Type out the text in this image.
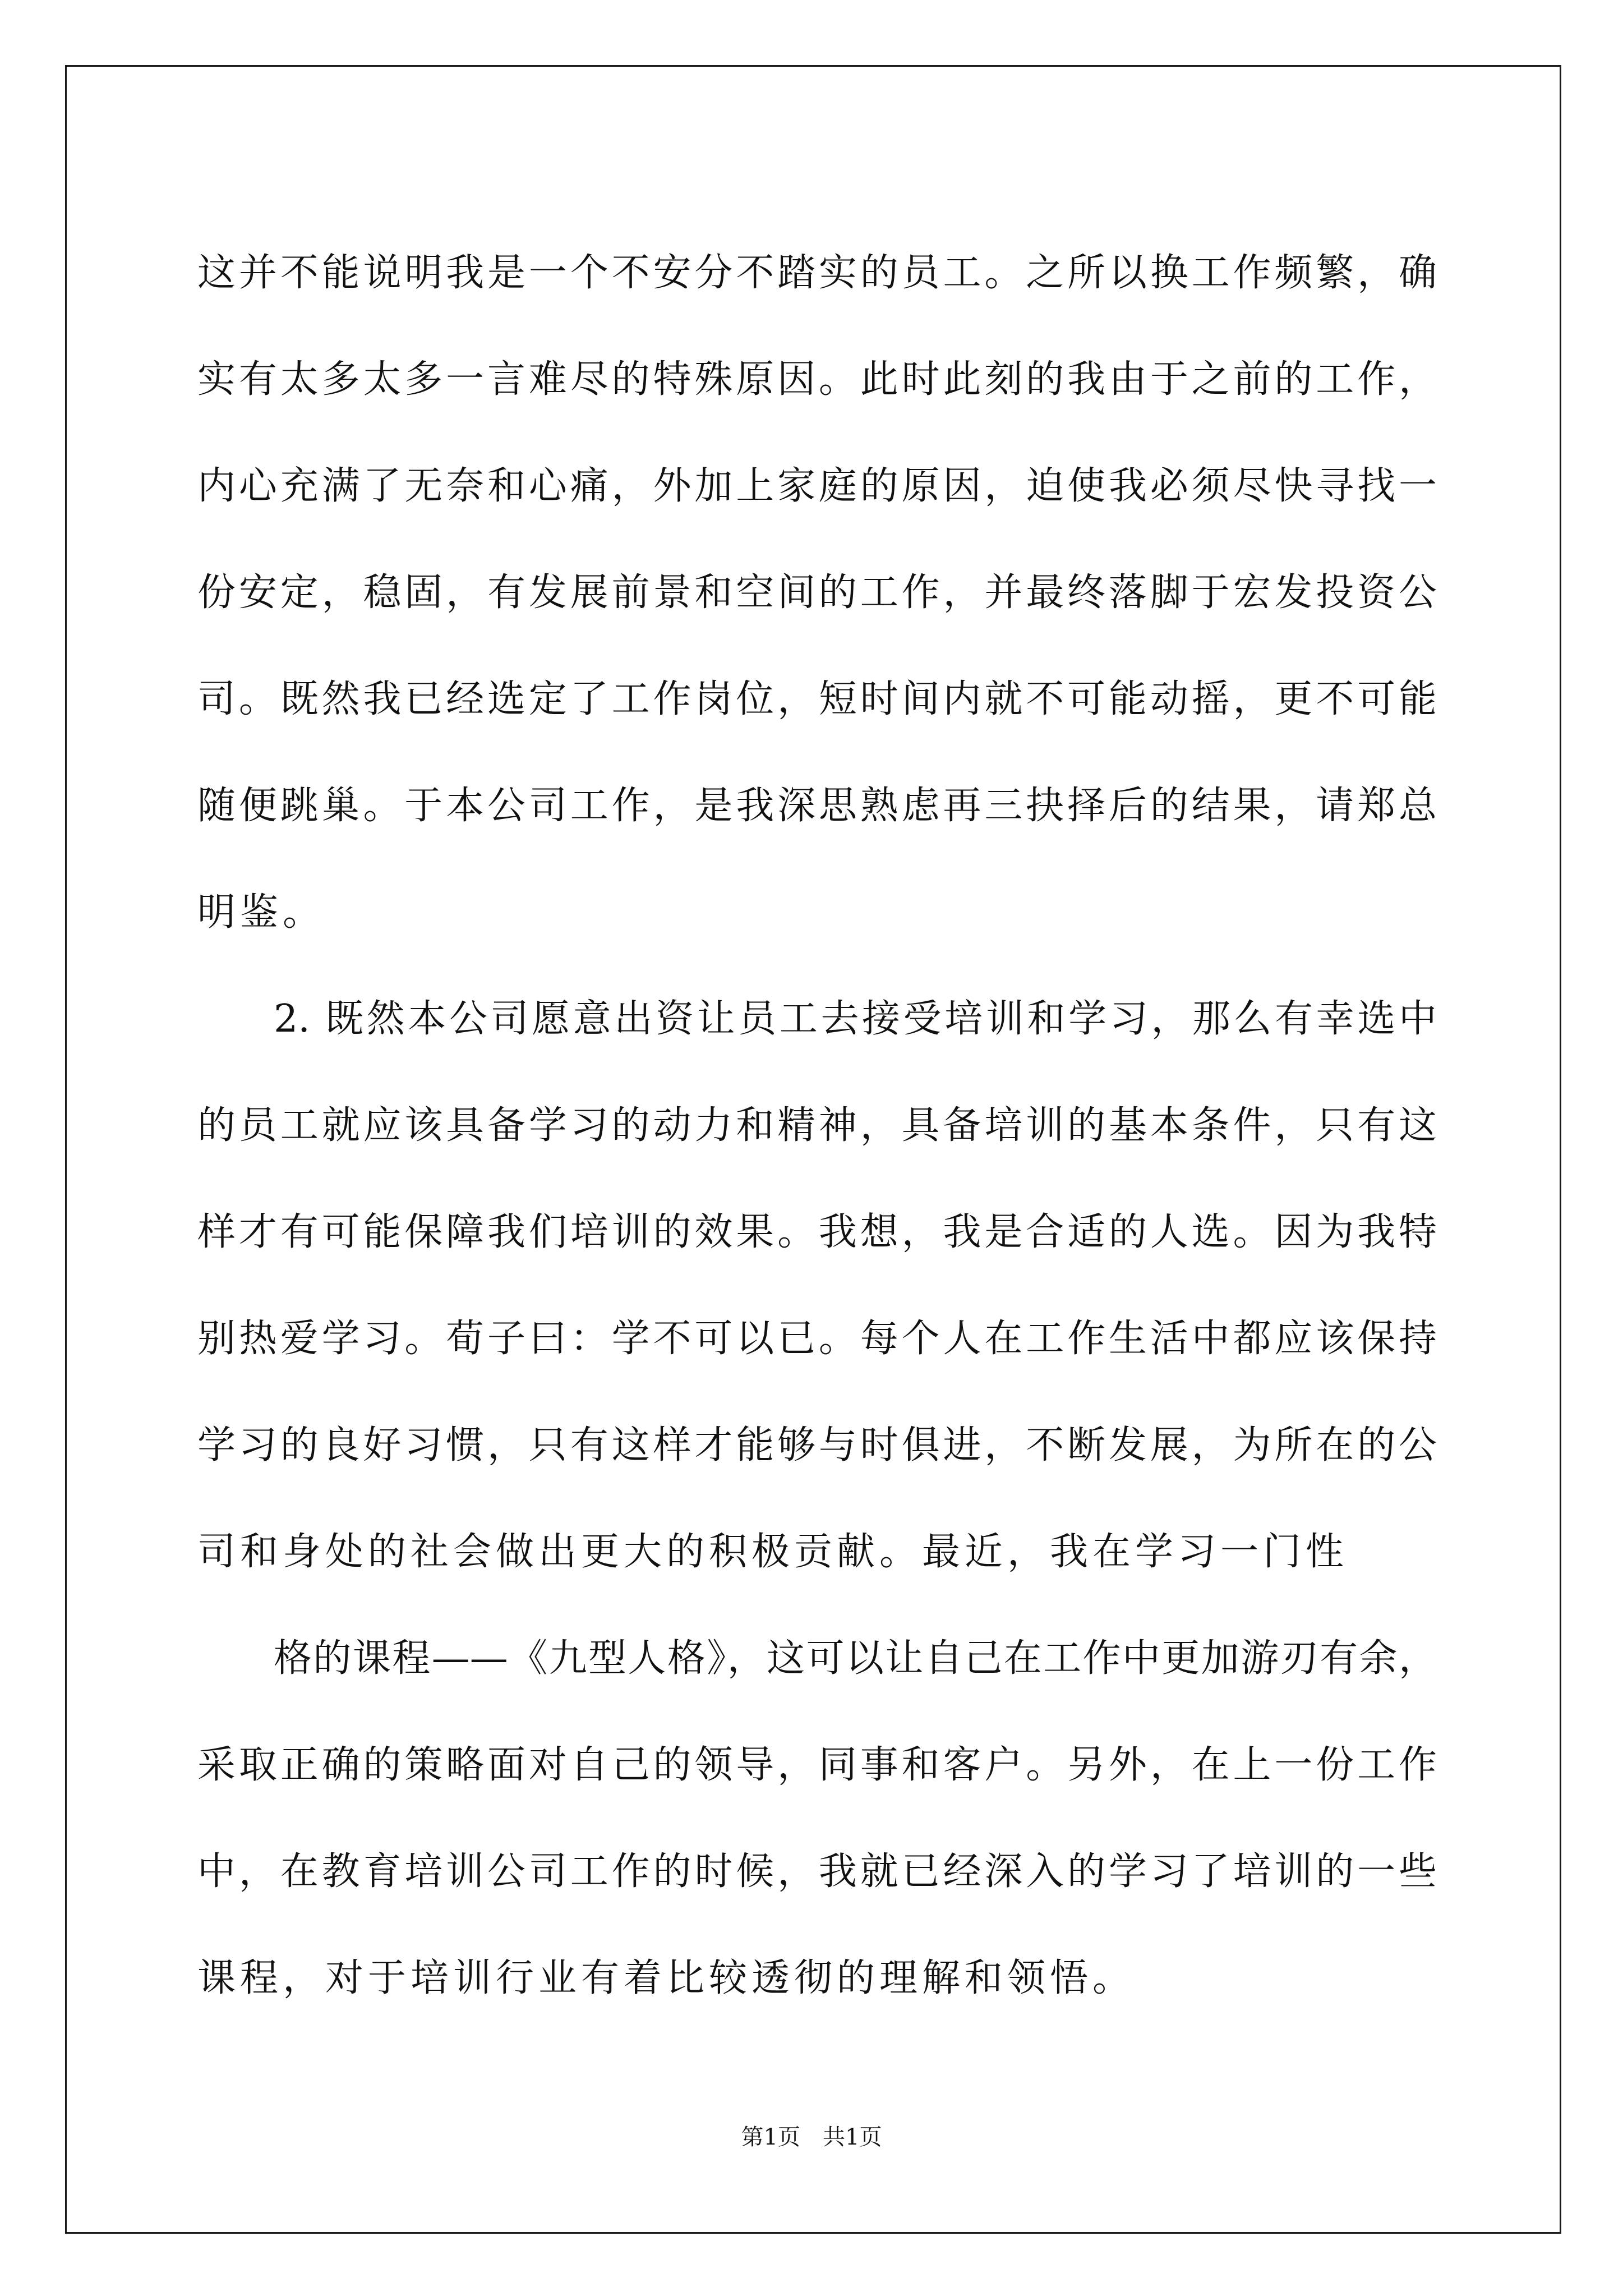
这并不能说明我是一个不安分不踏实的员工。之所以换工作频繁，确
实有太多太多一言难尽的特殊原因。此时此刻的我由于之前的工作，
内心充满了无奈和心痛，外加上家庭的原因，迫使我必须尽快寻找一
份安定，稳固，有发展前景和空间的工作，并最终落脚于宏发投资公
司。既然我已经选定了工作岗位，短时间内就不可能动摇，更不可能
随便跳巢。于本公司工作，是我深思熟虑再三抉择后的结果，请郑总
明鉴。
2. 既然本公司愿意出资让员工去接受培训和学习，那么有幸选中
的员工就应该具备学习的动力和精神，具备培训的基本条件，只有这
样才有可能保障我们培训的效果。我想，我是合适的人选。因为我特
别热爱学习。荀子曰：学不可以已。每个人在工作生活中都应该保持
学习的良好习惯，只有这样才能够与时俱进，不断发展，为所在的公
司和身处的社会做出更大的积极贡献。最近，我在学习一门性
格的课程——《九型人格》，这可以让自己在工作中更加游刃有余，
采取正确的策略面对自己的领导，同事和客户。另外，在上一份工作
中，在教育培训公司工作的时候，我就已经深入的学习了培训的一些
课程，对于培训行业有着比较透彻的理解和领悟。
第1页　共1页
